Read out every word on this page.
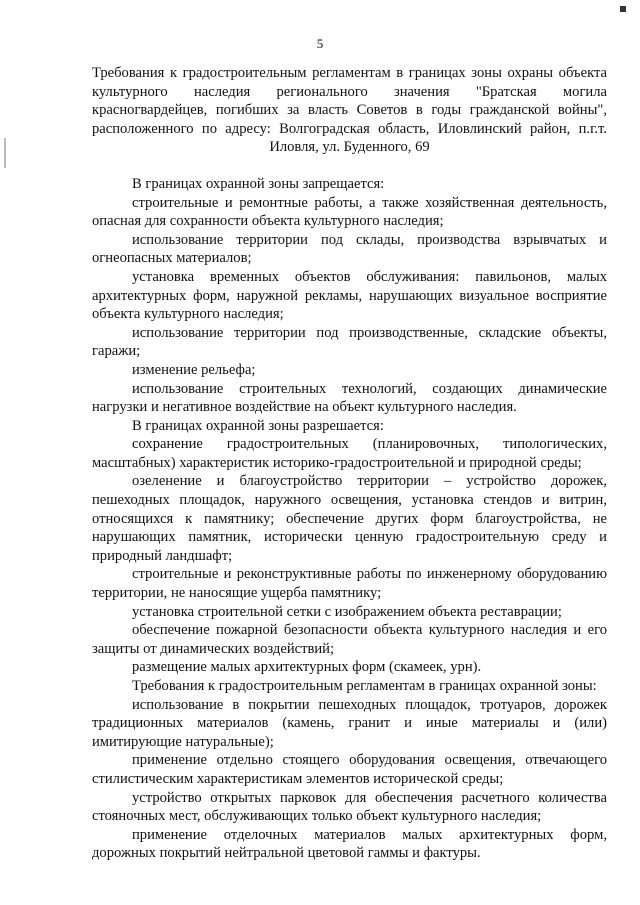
5

Требования к градостроительным регламентам в границах зоны охраны объекта культурного наследия регионального значения "Братская могила красногвардейцев, погибших за власть Советов в годы гражданской войны", расположенного по адресу: Волгоградская область, Иловлинский район, п.г.т. Иловля, ул. Буденного, 69

В границах охранной зоны запрещается:

строительные и ремонтные работы, а также хозяйственная деятельность, опасная для сохранности объекта культурного наследия;

использование территории под склады, производства взрывчатых и огнеопасных материалов;

установка временных объектов обслуживания: павильонов, малых архитектурных форм, наружной рекламы, нарушающих визуальное восприятие объекта культурного наследия;

использование территории под производственные, складские объекты, гаражи;

изменение рельефа;

использование строительных технологий, создающих динамические нагрузки и негативное воздействие на объект культурного наследия.

В границах охранной зоны разрешается:

сохранение градостроительных (планировочных, типологических, масштабных) характеристик историко-градостроительной и природной среды;

озеленение и благоустройство территории – устройство дорожек, пешеходных площадок, наружного освещения, установка стендов и витрин, относящихся к памятнику; обеспечение других форм благоустройства, не нарушающих памятник, исторически ценную градостроительную среду и природный ландшафт;

строительные и реконструктивные работы по инженерному оборудованию территории, не наносящие ущерба памятнику;

установка строительной сетки с изображением объекта реставрации;

обеспечение пожарной безопасности объекта культурного наследия и его защиты от динамических воздействий;

размещение малых архитектурных форм (скамеек, урн).

Требования к градостроительным регламентам в границах охранной зоны:

использование в покрытии пешеходных площадок, тротуаров, дорожек традиционных материалов (камень, гранит и иные материалы и (или) имитирующие натуральные);

применение отдельно стоящего оборудования освещения, отвечающего стилистическим характеристикам элементов исторической среды;

устройство открытых парковок для обеспечения расчетного количества стояночных мест, обслуживающих только объект культурного наследия;

применение отделочных материалов малых архитектурных форм, дорожных покрытий нейтральной цветовой гаммы и фактуры.
